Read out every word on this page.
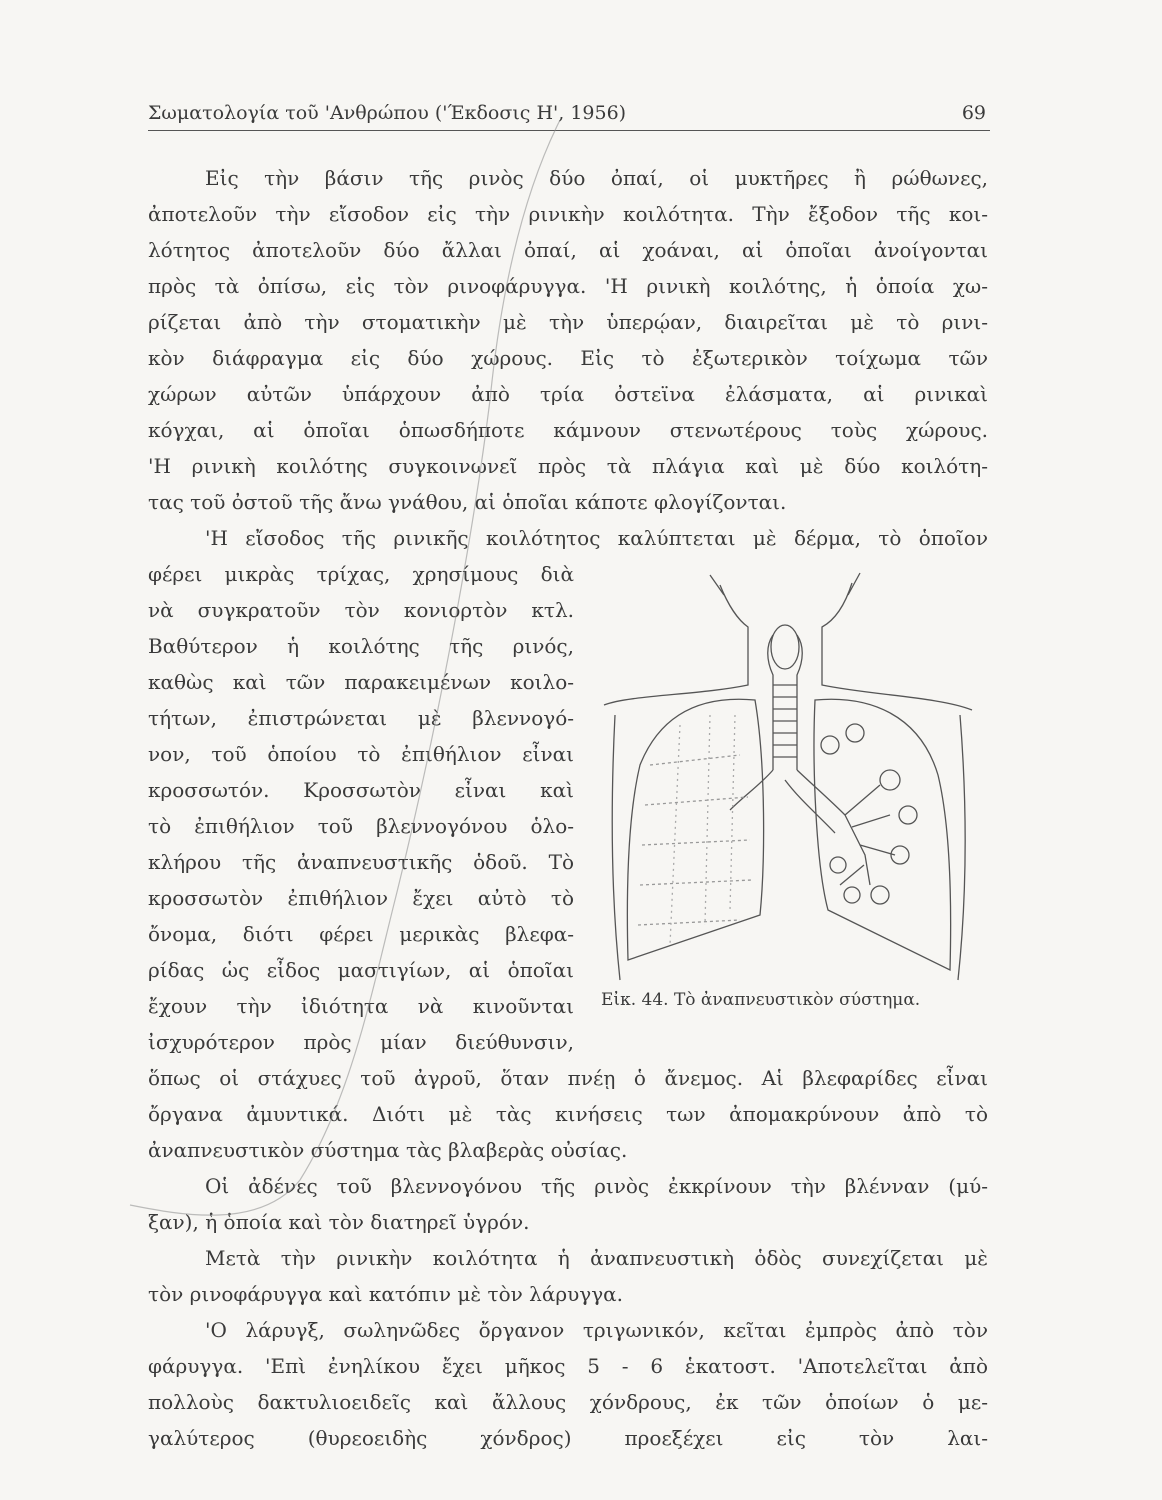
Σωματολογία τοῦ 'Ανθρώπου ('Έκδοσις Η', 1956)	69
Εἰς τὴν βάσιν τῆς ρινὸς δύο ὀπαί, οἱ μυκτῆρες ἢ ρώθωνες,
ἀποτελοῦν τὴν εἴσοδον εἰς τὴν ρινικὴν κοιλότητα. Τὴν ἔξοδον τῆς κοι-
λότητος ἀποτελοῦν δύο ἄλλαι ὀπαί, αἱ χοάναι, αἱ ὁποῖαι ἀνοίγονται
πρὸς τὰ ὀπίσω, εἰς τὸν ρινοφάρυγγα. 'Η ρινικὴ κοιλότης, ἡ ὁποία χω-
ρίζεται ἀπὸ τὴν στοματικὴν μὲ τὴν ὑπερῴαν, διαιρεῖται μὲ τὸ ρινι-
κὸν διάφραγμα εἰς δύο χώρους. Εἰς τὸ ἐξωτερικὸν τοίχωμα τῶν
χώρων αὐτῶν ὑπάρχουν ἀπὸ τρία ὀστεϊνα ἐλάσματα, αἱ ρινικαὶ
κόγχαι, αἱ ὁποῖαι ὁπωσδήποτε κάμνουν στενωτέρους τοὺς χώρους.
'Η ρινικὴ κοιλότης συγκοινωνεῖ πρὸς τὰ πλάγια καὶ μὲ δύο κοιλότη-
τας τοῦ ὀστοῦ τῆς ἄνω γνάθου, αἱ ὁποῖαι κάποτε φλογίζονται.
'Η εἴσοδος τῆς ρινικῆς κοιλότητος καλύπτεται μὲ δέρμα, τὸ ὁποῖον
φέρει μικρὰς τρίχας, χρησίμους διὰ
νὰ συγκρατοῦν τὸν κονιορτὸν κτλ.
Βαθύτερον ἡ κοιλότης τῆς ρινός,
καθὼς καὶ τῶν παρακειμένων κοιλο-
τήτων, ἐπιστρώνεται μὲ βλεννογό-
νον, τοῦ ὁποίου τὸ ἐπιθήλιον εἶναι
κροσσωτόν. Κροσσωτὸν εἶναι καὶ
τὸ ἐπιθήλιον τοῦ βλεννογόνου ὁλο-
κλήρου τῆς ἀναπνευστικῆς ὁδοῦ. Τὸ
κροσσωτὸν ἐπιθήλιον ἔχει αὐτὸ τὸ
ὄνομα, διότι φέρει μερικὰς βλεφα-
ρίδας ὡς εἶδος μαστιγίων, αἱ ὁποῖαι
ἔχουν τὴν ἰδιότητα νὰ κινοῦνται
ἰσχυρότερον πρὸς μίαν διεύθυνσιν,
ὅπως οἱ στάχυες τοῦ ἀγροῦ, ὅταν πνέῃ ὁ ἄνεμος. Αἱ βλεφαρίδες εἶναι
ὄργανα ἀμυντικά. Διότι μὲ τὰς κινήσεις των ἀπομακρύνουν ἀπὸ τὸ
ἀναπνευστικὸν σύστημα τὰς βλαβερὰς οὐσίας.
Οἱ ἀδένες τοῦ βλεννογόνου τῆς ρινὸς ἐκκρίνουν τὴν βλένναν (μύ-
ξαν), ἡ ὁποία καὶ τὸν διατηρεῖ ὑγρόν.
Μετὰ τὴν ρινικὴν κοιλότητα ἡ ἀναπνευστικὴ ὁδὸς συνεχίζεται μὲ
τὸν ρινοφάρυγγα καὶ κατόπιν μὲ τὸν λάρυγγα.
'Ο λάρυγξ, σωληνῶδες ὄργανον τριγωνικόν, κεῖται ἐμπρὸς ἀπὸ τὸν
φάρυγγα. 'Επὶ ἐνηλίκου ἔχει μῆκος 5 - 6 ἑκατοστ. 'Αποτελεῖται ἀπὸ
πολλοὺς δακτυλιοειδεῖς καὶ ἄλλους χόνδρους, ἐκ τῶν ὁποίων ὁ με-
γαλύτερος (θυρεοειδὴς χόνδρος) προεξέχει εἰς τὸν λαι-
Εἰκ. 44. Τὸ ἀναπνευστικὸν σύστημα.
